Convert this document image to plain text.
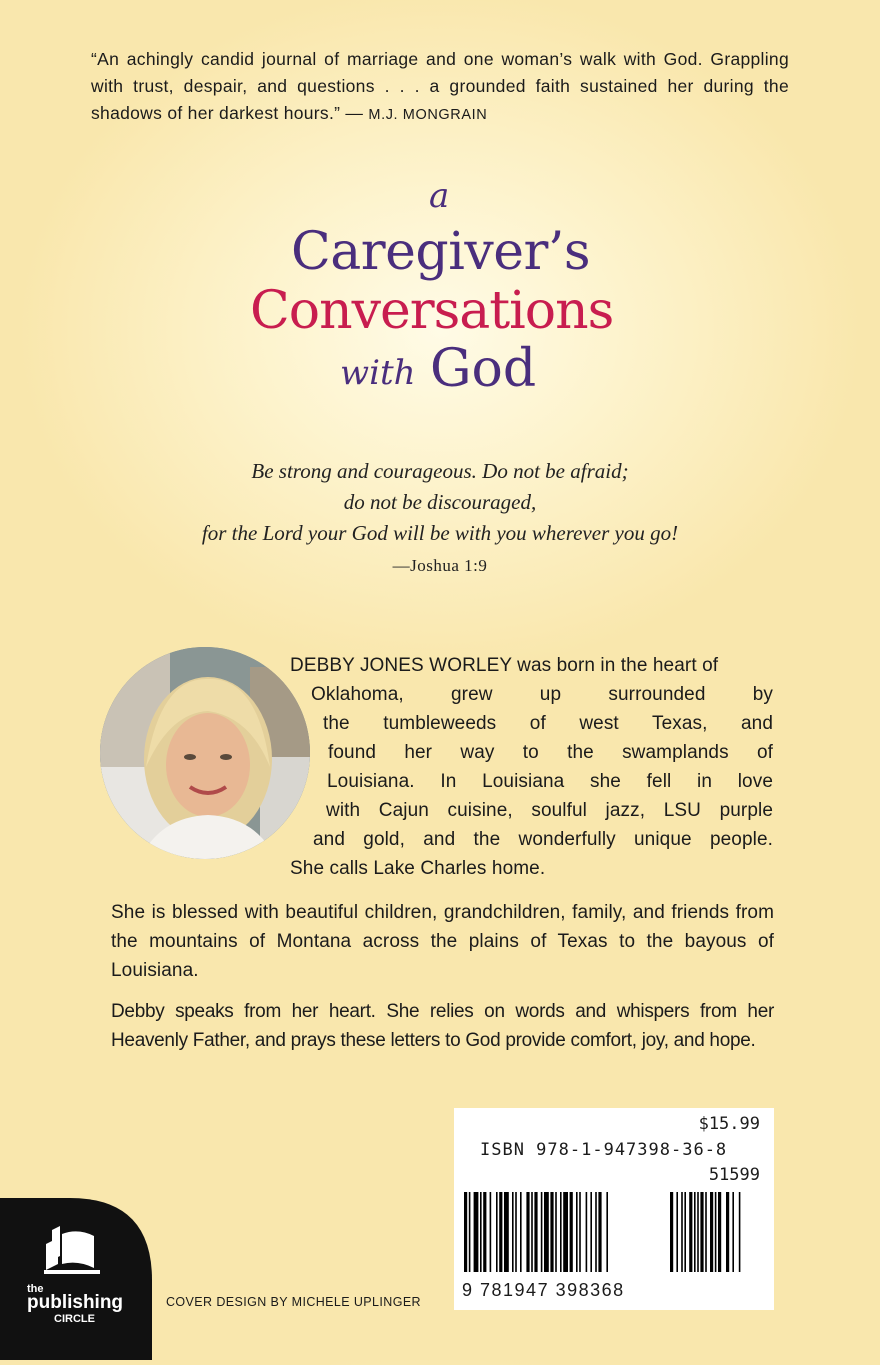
“An achingly candid journal of marriage and one woman’s walk with God. Grappling with trust, despair, and questions . . . a grounded faith sustained her during the shadows of her darkest hours.” — M.J. MONGRAIN
a
Caregiver’s
Conversations
with God
Be strong and courageous. Do not be afraid;
do not be discouraged,
for the Lord your God will be with you wherever you go!
—Joshua 1:9
DEBBY JONES WORLEY was born in the heart of
Oklahoma, grew up surrounded by
the tumbleweeds of west Texas, and
found her way to the swamplands of
Louisiana. In Louisiana she fell in love
with Cajun cuisine, soulful jazz, LSU purple
and gold, and the wonderfully unique people.
She calls Lake Charles home.
She is blessed with beautiful children, grandchildren, family, and friends from the mountains of Montana across the plains of Texas to the bayous of Louisiana.
Debby speaks from her heart. She relies on words and whispers from her Heavenly Father, and prays these letters to God provide comfort, joy, and hope.
$15.99
ISBN 978-1-947398-36-8
51599
9 781947 398368
COVER DESIGN BY MICHELE UPLINGER
the
publishing
CIRCLE
